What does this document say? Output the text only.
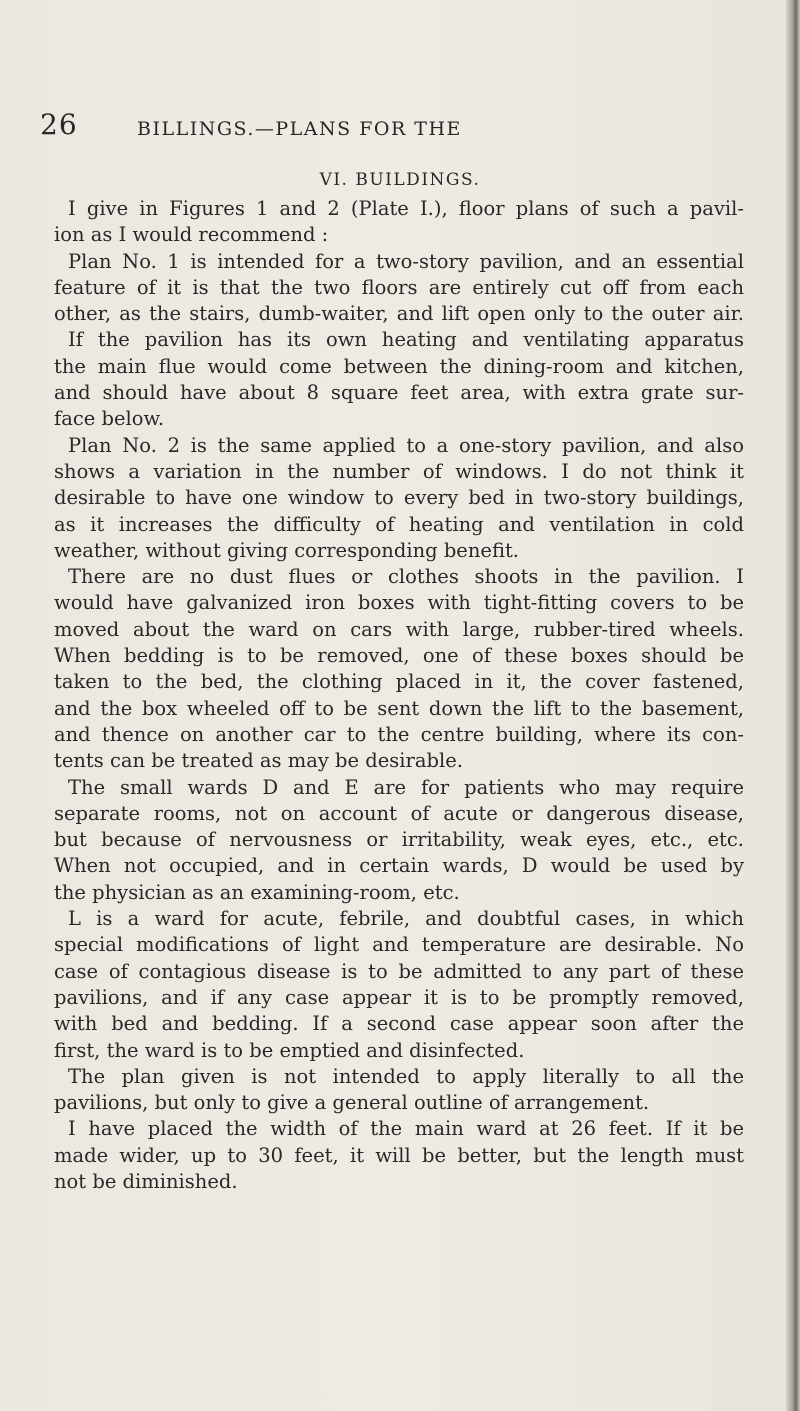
26	BILLINGS.—PLANS FOR THE
VI. BUILDINGS.
I give in Figures 1 and 2 (Plate I.), floor plans of such a pavil-
ion as I would recommend :
Plan No. 1 is intended for a two-story pavilion, and an essential
feature of it is that the two floors are entirely cut off from each
other, as the stairs, dumb-waiter, and lift open only to the outer air.
If the pavilion has its own heating and ventilating apparatus
the main flue would come between the dining-room and kitchen,
and should have about 8 square feet area, with extra grate sur-
face below.
Plan No. 2 is the same applied to a one-story pavilion, and also
shows a variation in the number of windows. I do not think it
desirable to have one window to every bed in two-story buildings,
as it increases the difficulty of heating and ventilation in cold
weather, without giving corresponding benefit.
There are no dust flues or clothes shoots in the pavilion. I
would have galvanized iron boxes with tight-fitting covers to be
moved about the ward on cars with large, rubber-tired wheels.
When bedding is to be removed, one of these boxes should be
taken to the bed, the clothing placed in it, the cover fastened,
and the box wheeled off to be sent down the lift to the basement,
and thence on another car to the centre building, where its con-
tents can be treated as may be desirable.
The small wards D and E are for patients who may require
separate rooms, not on account of acute or dangerous disease,
but because of nervousness or irritability, weak eyes, etc., etc.
When not occupied, and in certain wards, D would be used by
the physician as an examining-room, etc.
L is a ward for acute, febrile, and doubtful cases, in which
special modifications of light and temperature are desirable. No
case of contagious disease is to be admitted to any part of these
pavilions, and if any case appear it is to be promptly removed,
with bed and bedding. If a second case appear soon after the
first, the ward is to be emptied and disinfected.
The plan given is not intended to apply literally to all the
pavilions, but only to give a general outline of arrangement.
I have placed the width of the main ward at 26 feet. If it be
made wider, up to 30 feet, it will be better, but the length must
not be diminished.
